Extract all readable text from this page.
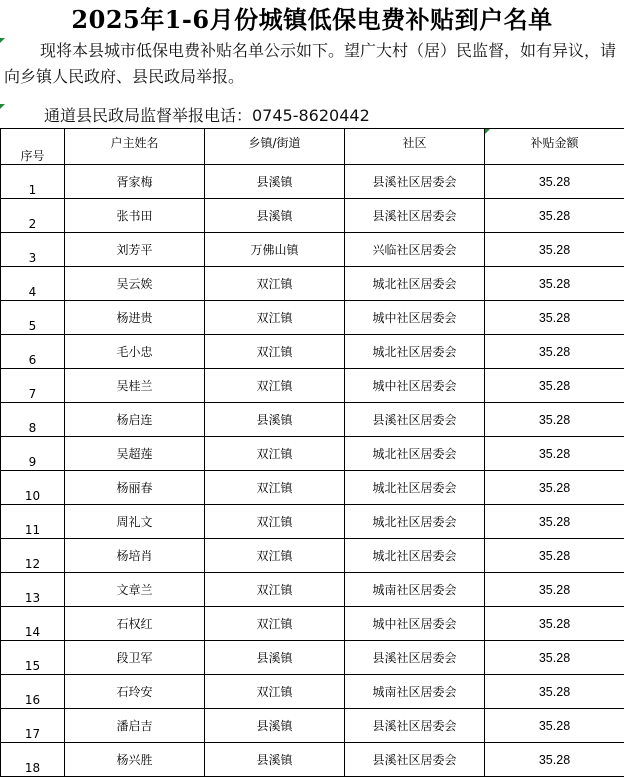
2025年1-6月份城镇低保电费补贴到户名单
现将本县城市低保电费补贴名单公示如下。望广大村（居）民监督，如有异议，请向乡镇人民政府、县民政局举报。
通道县民政局监督举报电话：0745-8620442
序号	户主姓名	乡镇/街道	社区	补贴金额
1	胥家梅	县溪镇	县溪社区居委会	35.28
2	张书田	县溪镇	县溪社区居委会	35.28
3	刘芳平	万佛山镇	兴临社区居委会	35.28
4	吴云娭	双江镇	城北社区居委会	35.28
5	杨进贵	双江镇	城中社区居委会	35.28
6	毛小忠	双江镇	城北社区居委会	35.28
7	吴桂兰	双江镇	城中社区居委会	35.28
8	杨启连	县溪镇	县溪社区居委会	35.28
9	吴超莲	双江镇	城北社区居委会	35.28
10	杨丽春	双江镇	城北社区居委会	35.28
11	周礼文	双江镇	城北社区居委会	35.28
12	杨培肖	双江镇	城北社区居委会	35.28
13	文章兰	双江镇	城南社区居委会	35.28
14	石权红	双江镇	城中社区居委会	35.28
15	段卫军	县溪镇	县溪社区居委会	35.28
16	石玲安	双江镇	城南社区居委会	35.28
17	潘启吉	县溪镇	县溪社区居委会	35.28
18	杨兴胜	县溪镇	县溪社区居委会	35.28
